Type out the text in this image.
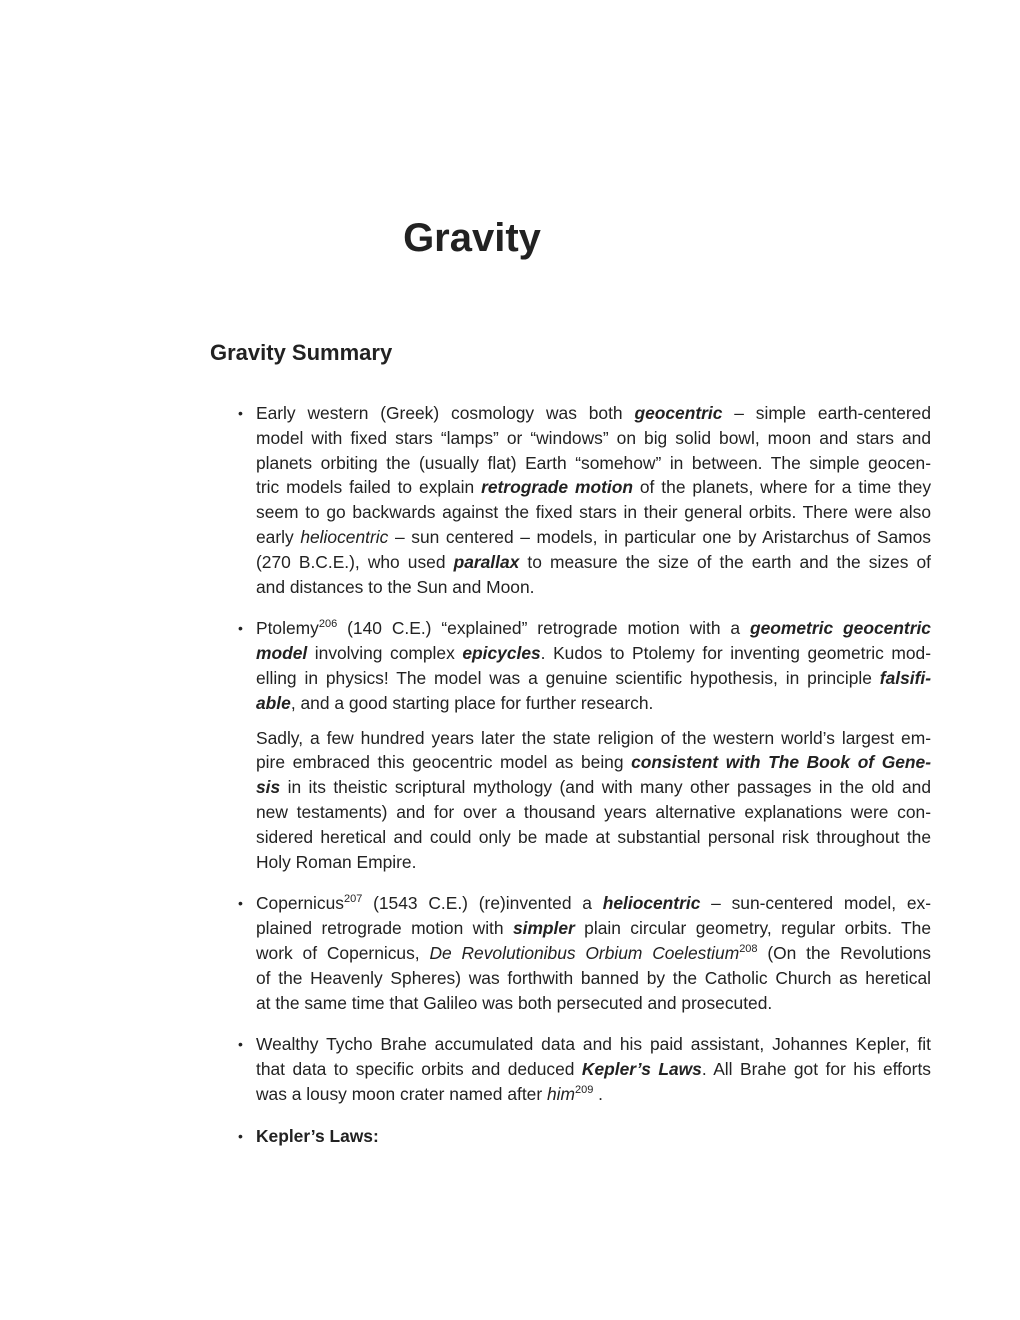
Gravity
Gravity Summary
• Early western (Greek) cosmology was both geocentric – simple earth-centered
model with fixed stars “lamps” or “windows” on big solid bowl, moon and stars and
planets orbiting the (usually flat) Earth “somehow” in between. The simple geocen-
tric models failed to explain retrograde motion of the planets, where for a time they
seem to go backwards against the fixed stars in their general orbits. There were also
early heliocentric – sun centered – models, in particular one by Aristarchus of Samos
(270 B.C.E.), who used parallax to measure the size of the earth and the sizes of
and distances to the Sun and Moon.
• Ptolemy$^{206}$ (140 C.E.) “explained” retrograde motion with a geometric geocentric
model involving complex epicycles. Kudos to Ptolemy for inventing geometric mod-
elling in physics! The model was a genuine scientific hypothesis, in principle falsifi-
able, and a good starting place for further research.
Sadly, a few hundred years later the state religion of the western world’s largest em-
pire embraced this geocentric model as being consistent with The Book of Gene-
sis in its theistic scriptural mythology (and with many other passages in the old and
new testaments) and for over a thousand years alternative explanations were con-
sidered heretical and could only be made at substantial personal risk throughout the
Holy Roman Empire.
• Copernicus$^{207}$ (1543 C.E.) (re)invented a heliocentric – sun-centered model, ex-
plained retrograde motion with simpler plain circular geometry, regular orbits. The
work of Copernicus, De Revolutionibus Orbium Coelestium$^{208}$ (On the Revolutions
of the Heavenly Spheres) was forthwith banned by the Catholic Church as heretical
at the same time that Galileo was both persecuted and prosecuted.
• Wealthy Tycho Brahe accumulated data and his paid assistant, Johannes Kepler, fit
that data to specific orbits and deduced Kepler’s Laws. All Brahe got for his efforts
was a lousy moon crater named after him$^{209}$ .
• Kepler’s Laws:
